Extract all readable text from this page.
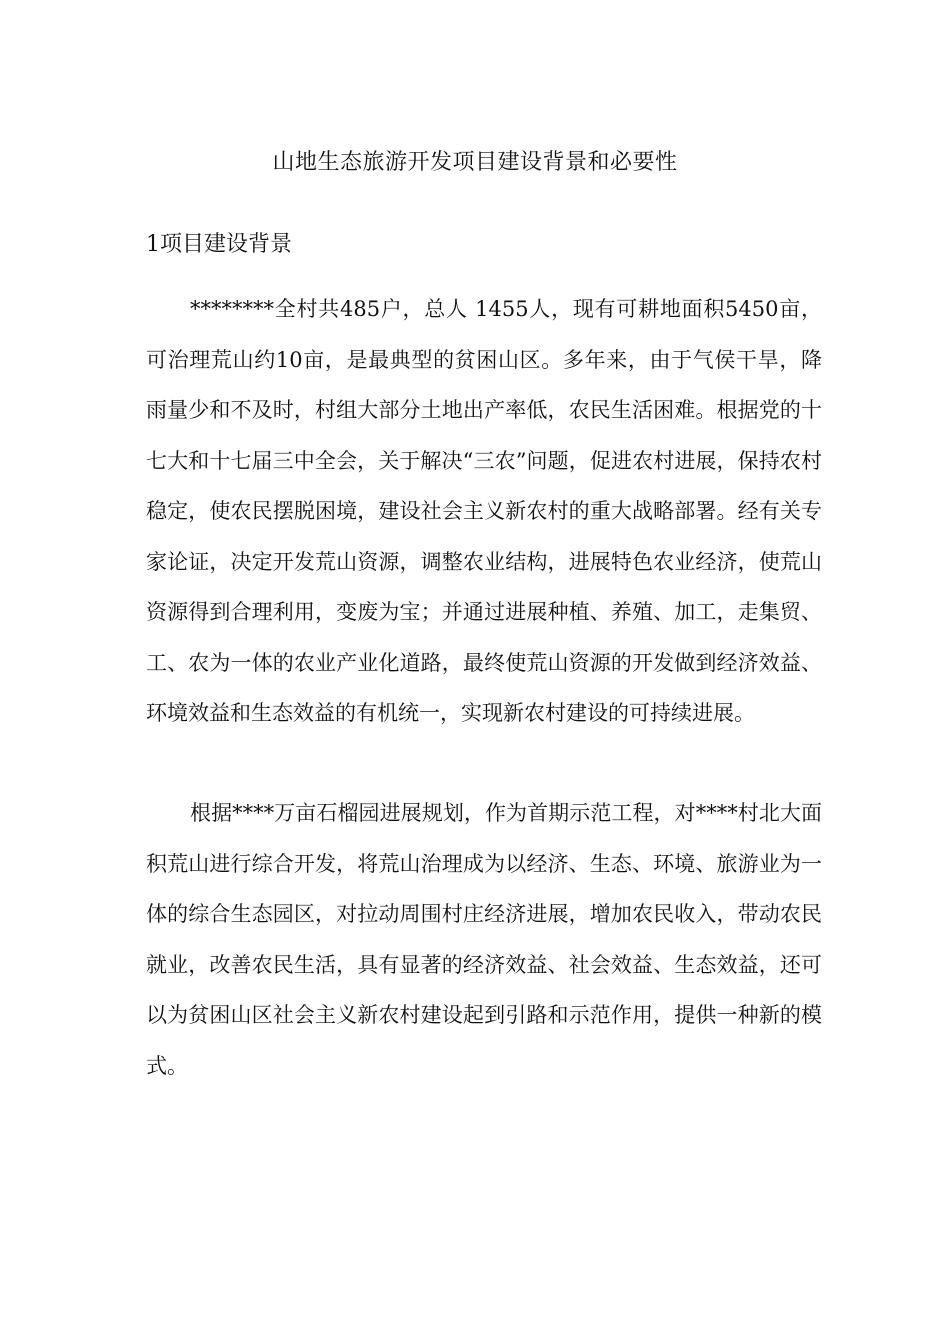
山地生态旅游开发项目建设背景和必要性
1项目建设背景

********全村共485户，总人 1455人，现有可耕地面积5450亩，可治理荒山约10亩，是最典型的贫困山区。多年来，由于气侯干旱，降雨量少和不及时，村组大部分土地出产率低，农民生活困难。根据党的十七大和十七届三中全会，关于解决“三农”问题，促进农村进展，保持农村稳定，使农民摆脱困境，建设社会主义新农村的重大战略部署。经有关专家论证，决定开发荒山资源，调整农业结构，进展特色农业经济，使荒山资源得到合理利用，变废为宝；并通过进展种植、养殖、加工，走集贸、工、农为一体的农业产业化道路，最终使荒山资源的开发做到经济效益、环境效益和生态效益的有机统一，实现新农村建设的可持续进展。

根据****万亩石榴园进展规划，作为首期示范工程，对****村北大面积荒山进行综合开发，将荒山治理成为以经济、生态、环境、旅游业为一体的综合生态园区，对拉动周围村庄经济进展，增加农民收入，带动农民就业，改善农民生活，具有显著的经济效益、社会效益、生态效益，还可以为贫困山区社会主义新农村建设起到引路和示范作用，提供一种新的模式。
